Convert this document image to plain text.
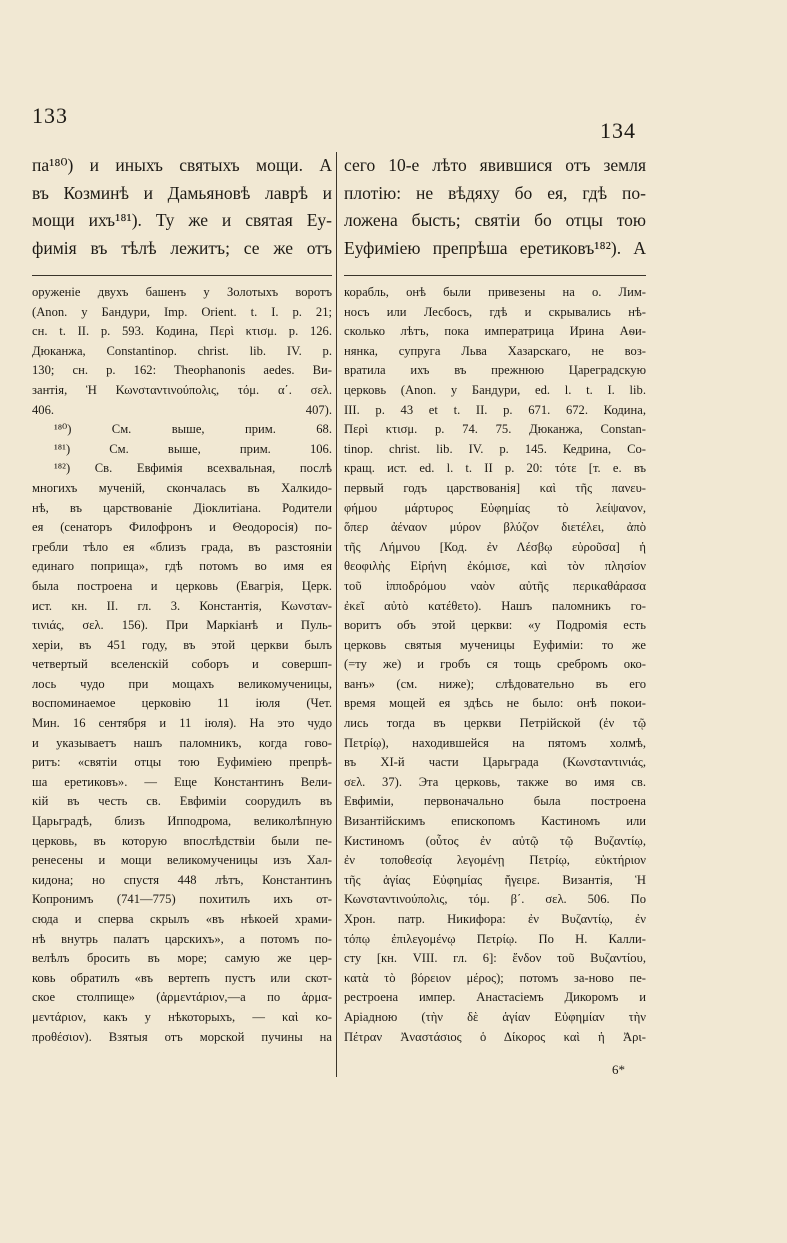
133
134
па¹⁸⁰) и иныхъ святыхъ мощи. А
въ Козминѣ и Дамьяновѣ лаврѣ и
мощи ихъ¹⁸¹). Ту же и святая Еу-
фимія въ тѣлѣ лежитъ; се же отъ
оруженіе двухъ башенъ у Золотыхъ воротъ
(Anon. у Бандури, Imp. Orient. t. I. p. 21;
сн. t. II. p. 593. Кодина, Περὶ κτισμ. p. 126.
Дюканжа, Constantinop. christ. lib. IV. p.
130; сн. p. 162: Theophanonis aedes. Ви-
зантія, Ἡ Κωνσταντινούπολις, τόμ. α΄. σελ.
406. 407).
¹⁸⁰) См. выше, прим. 68.
¹⁸¹) См. выше, прим. 106.
¹⁸²) Св. Евфимія всехвальная, послѣ
многихъ мученій, скончалась въ Халкидо-
нѣ, въ царствованіе Діоклитіана. Родители
ея (сенаторъ Филофронъ и Θеодоросія) по-
гребли тѣло ея «близъ града, въ разстояніи
единаго поприща», гдѣ потомъ во имя ея
была построена и церковь (Евагрія, Церк.
ист. кн. II. гл. 3. Константія, Κωνσταν-
τινιάς, σελ. 156). При Маркіанѣ и Пуль-
херіи, въ 451 году, въ этой церкви былъ
четвертый вселенскій соборъ и совершп-
лось чудо при мощахъ великомученицы,
воспоминаемое церковію 11 іюля (Чет.
Мин. 16 сентября и 11 іюля). На это чудо
и указываетъ нашъ паломникъ, когда гово-
ритъ: «святіи отцы тою Еуфиміею препрѣ-
ша еретиковъ». — Еще Константинъ Вели-
кій въ честь св. Евфиміи соорудилъ въ
Царьградѣ, близъ Ипподрома, великолѣпную
церковь, въ которую впослѣдствіи были пе-
ренесены и мощи великомученицы изъ Хал-
кидона; но спустя 448 лѣтъ, Константинъ
Копронимъ (741—775) похитилъ ихъ от-
сюда и сперва скрылъ «въ нѣкоей храми-
нѣ внутрь палатъ царскихъ», а потомъ по-
велѣлъ бросить въ море; самую же цер-
ковь обратилъ «въ вертепъ пустъ или скот-
ское столпище» (ἀρμεντάριον,—а по ἁρμα-
μεντάριον, какъ у нѣкоторыхъ, — καὶ κο-
προθέσιον). Взятыя отъ морской пучины на
сего 10-е лѣто явившися отъ земля
плотію: не вѣдяху бо ея, гдѣ по-
ложена бысть; святіи бо отцы тою
Еуфиміею препрѣша еретиковъ¹⁸²). А
корабль, онѣ были привезены на о. Лим-
носъ или Лесбосъ, гдѣ и скрывались нѣ-
сколько лѣтъ, пока императрица Ирина Аѳи-
нянка, супруга Льва Хазарскаго, не воз-
вратила ихъ въ прежнюю Цареградскую
церковь (Anon. у Бандури, ed. l. t. I. lib.
III. p. 43 et t. II. p. 671. 672. Кодина,
Περὶ κτισμ. p. 74. 75. Дюканжа, Constan-
tinop. christ. lib. IV. p. 145. Кедрина, Со-
кращ. ист. ed. l. t. II p. 20: τότε [т. е. въ
первый годъ царствованія] καὶ τῆς πανευ-
φήμου μάρτυρος Εὐφημίας τὸ λείψανον,
ὅπερ ἀέναον μύρον βλύζον διετέλει, ἀπὸ
τῆς Λήμνου [Код. ἐν Λέσβῳ εὑροῦσα] ἡ
θεοφιλὴς Εἰρήνη ἐκόμισε, καὶ τὸν πλησίον
τοῦ ἱπποδρόμου ναὸν αὐτῆς περικαθάρασα
ἐκεῖ αὐτὸ κατέθετο). Нашъ паломникъ го-
воритъ объ этой церкви: «у Подромія есть
церковь святыя мученицы Еуфиміи: то же
(=ту же) и гробъ ся тощь сребромъ око-
ванъ» (см. ниже); слѣдовательно въ его
время мощей ея здѣсь не было: онѣ покои-
лись тогда въ церкви Петрійской (ἐν τῷ
Πετρίῳ), находившейся на пятомъ холмѣ,
въ XI-й части Царьграда (Κωνσταντινιάς,
σελ. 37). Эта церковь, также во имя св.
Евфиміи, первоначально была построена
Византійскимъ епископомъ Кастиномъ или
Кистиномъ (οὗτος ἐν αὐτῷ τῷ Βυζαντίῳ,
ἐν τοποθεσίᾳ λεγομένῃ Πετρίῳ, εὐκτήριον
τῆς ἁγίας Εὐφημίας ἤγειρε. Византія, Ἡ
Κωνσταντινούπολις, τόμ. β΄. σελ. 506. По
Хрон. патр. Никифора: ἐν Βυζαντίῳ, ἐν
τόπῳ ἐπιλεγομένῳ Πετρίῳ. По Н. Калли-
сту [кн. VIII. гл. 6]: ἔνδον τοῦ Βυζαντίου,
κατὰ τὸ βόρειον μέρος); потомъ за-ново пе-
рестроена импер. Анастасіемъ Дикоромъ и
Аріадною (τὴν δὲ ἁγίαν Εὐφημίαν τὴν
Πέτραν Ἀναστάσιος ὁ Δίκορος καὶ ἡ Ἀρι-
6*
